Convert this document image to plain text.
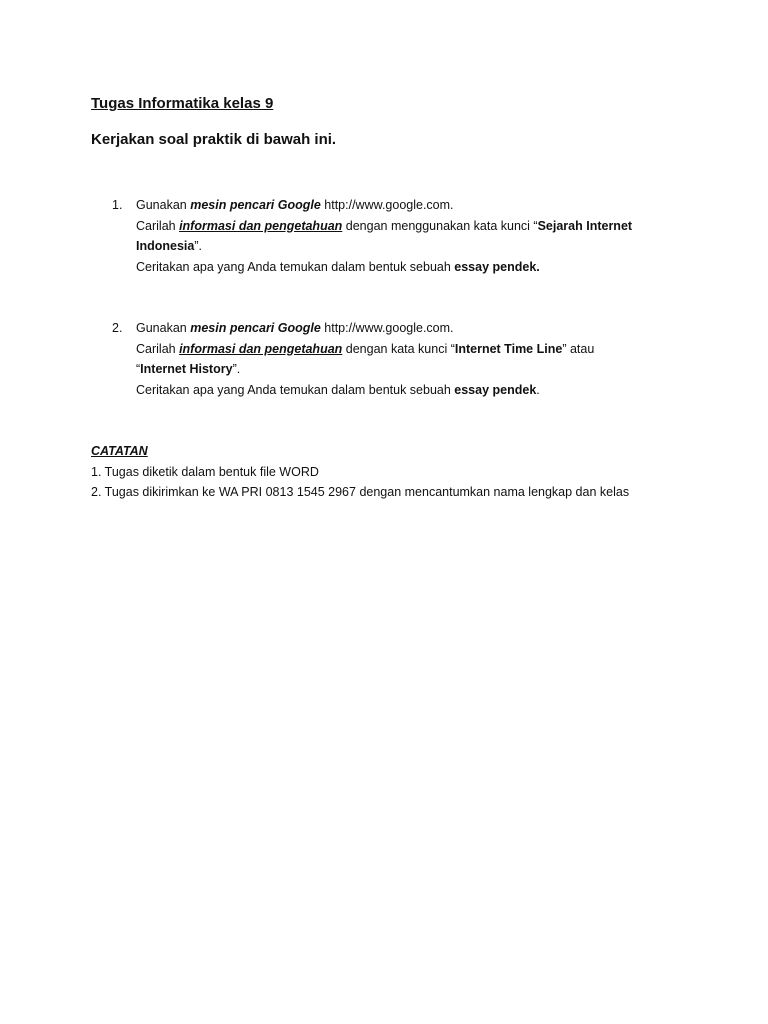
Tugas Informatika kelas 9
Kerjakan soal praktik di bawah ini.
1. Gunakan mesin pencari Google http://www.google.com.
Carilah informasi dan pengetahuan dengan menggunakan kata kunci “Sejarah Internet
Indonesia”.
Ceritakan apa yang Anda temukan dalam bentuk sebuah essay pendek.
2. Gunakan mesin pencari Google http://www.google.com.
Carilah informasi dan pengetahuan dengan kata kunci “Internet Time Line” atau
“Internet History”.
Ceritakan apa yang Anda temukan dalam bentuk sebuah essay pendek.
CATATAN
1. Tugas diketik dalam bentuk file WORD
2. Tugas dikirimkan ke WA PRI 0813 1545 2967 dengan mencantumkan nama lengkap dan kelas
